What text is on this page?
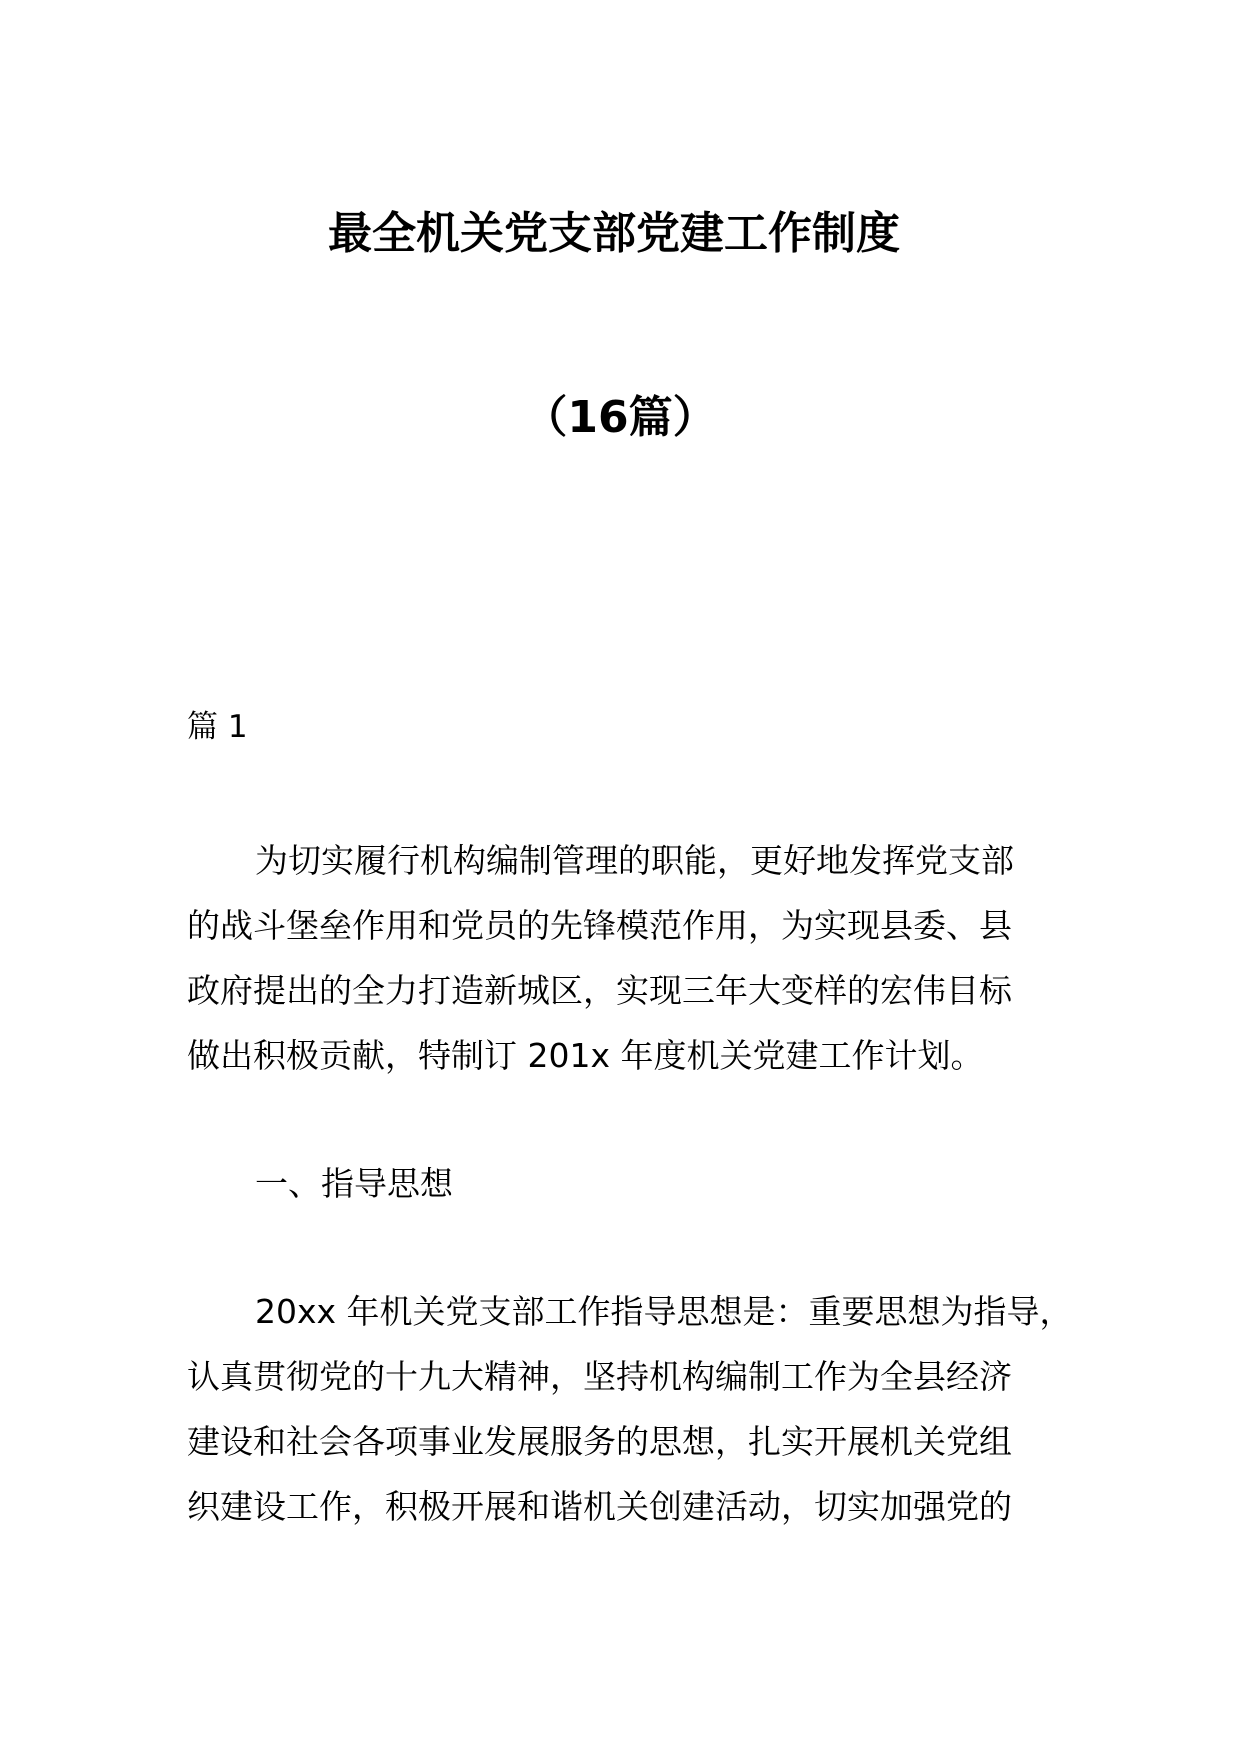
最全机关党支部党建工作制度
（16篇）

篇 1

为切实履行机构编制管理的职能，更好地发挥党支部
的战斗堡垒作用和党员的先锋模范作用，为实现县委、县
政府提出的全力打造新城区，实现三年大变样的宏伟目标
做出积极贡献，特制订 201x 年度机关党建工作计划。

一、指导思想

20xx 年机关党支部工作指导思想是：重要思想为指导，
认真贯彻党的十九大精神，坚持机构编制工作为全县经济
建设和社会各项事业发展服务的思想，扎实开展机关党组
织建设工作，积极开展和谐机关创建活动，切实加强党的
